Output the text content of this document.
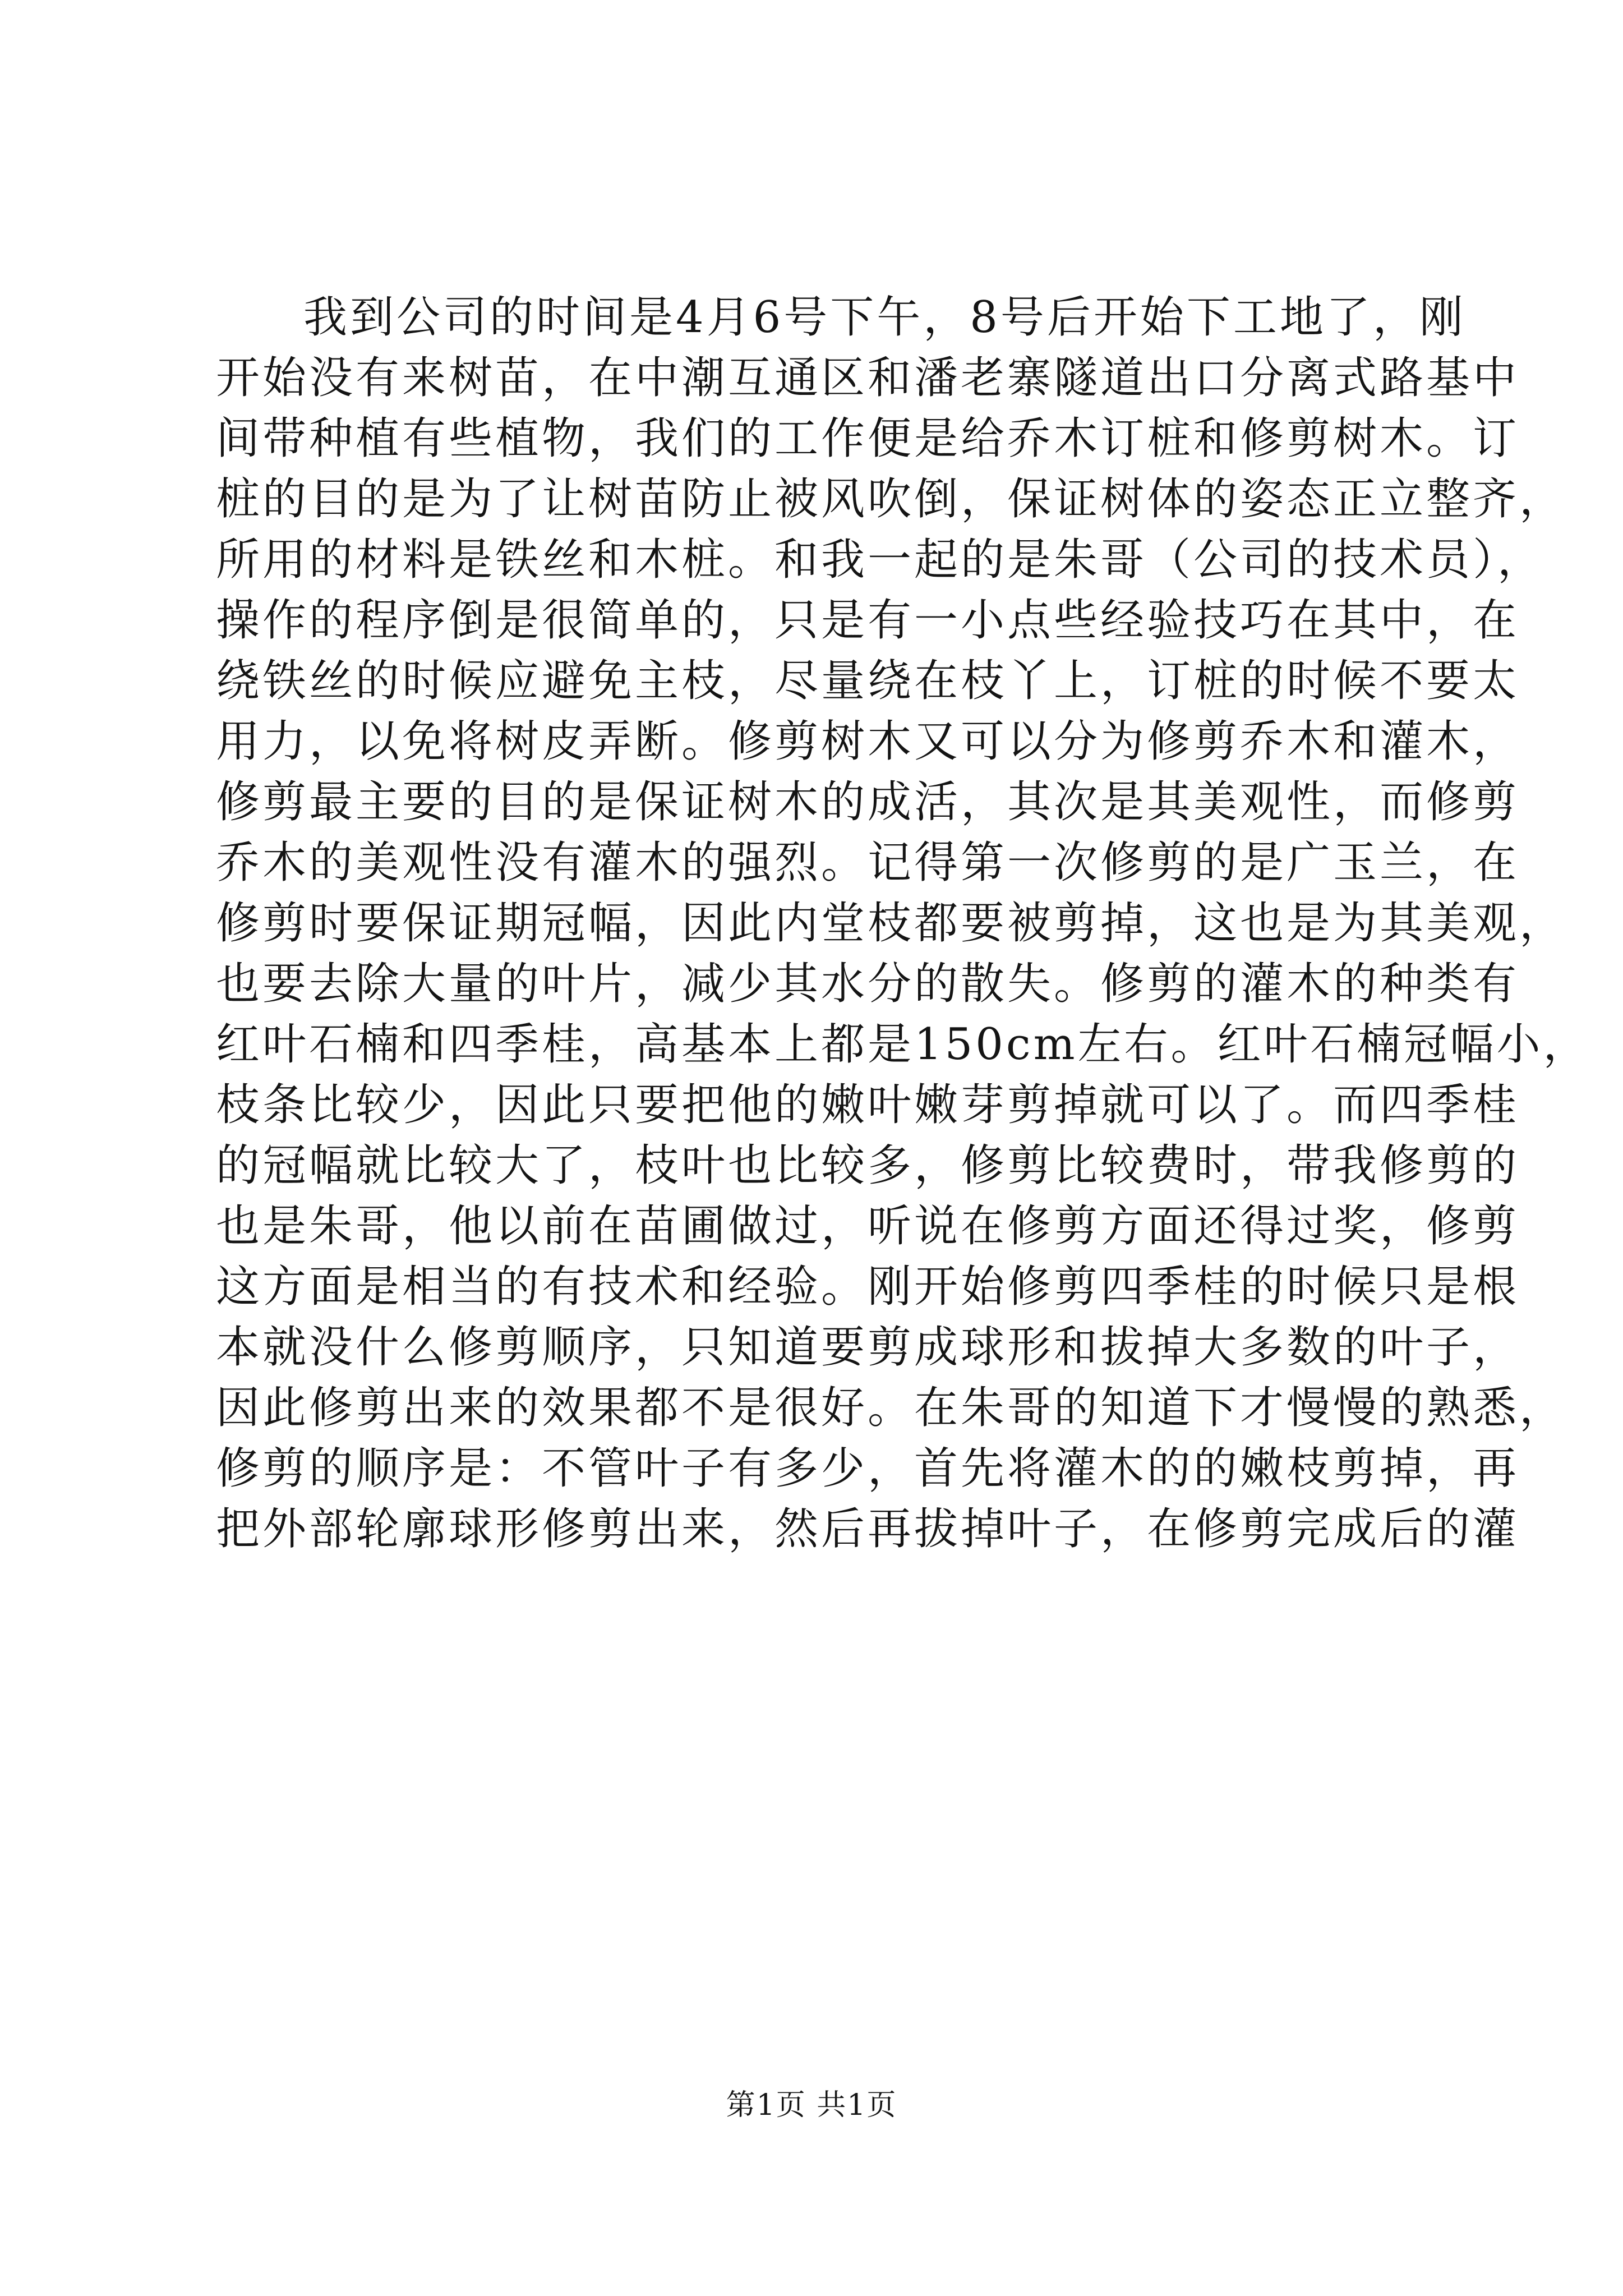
我到公司的时间是4月6号下午，8号后开始下工地了，刚
开始没有来树苗，在中潮互通区和潘老寨隧道出口分离式路基中
间带种植有些植物，我们的工作便是给乔木订桩和修剪树木。订
桩的目的是为了让树苗防止被风吹倒，保证树体的姿态正立整齐，
所用的材料是铁丝和木桩。和我一起的是朱哥（公司的技术员），
操作的程序倒是很简单的，只是有一小点些经验技巧在其中，在
绕铁丝的时候应避免主枝，尽量绕在枝丫上，订桩的时候不要太
用力，以免将树皮弄断。修剪树木又可以分为修剪乔木和灌木，
修剪最主要的目的是保证树木的成活，其次是其美观性，而修剪
乔木的美观性没有灌木的强烈。记得第一次修剪的是广玉兰，在
修剪时要保证期冠幅，因此内堂枝都要被剪掉，这也是为其美观，
也要去除大量的叶片，减少其水分的散失。修剪的灌木的种类有
红叶石楠和四季桂，高基本上都是150cm左右。红叶石楠冠幅小，
枝条比较少，因此只要把他的嫩叶嫩芽剪掉就可以了。而四季桂
的冠幅就比较大了，枝叶也比较多，修剪比较费时，带我修剪的
也是朱哥，他以前在苗圃做过，听说在修剪方面还得过奖，修剪
这方面是相当的有技术和经验。刚开始修剪四季桂的时候只是根
本就没什么修剪顺序，只知道要剪成球形和拔掉大多数的叶子，
因此修剪出来的效果都不是很好。在朱哥的知道下才慢慢的熟悉，
修剪的顺序是：不管叶子有多少，首先将灌木的的嫩枝剪掉，再
把外部轮廓球形修剪出来，然后再拔掉叶子，在修剪完成后的灌
第1页 共1页
